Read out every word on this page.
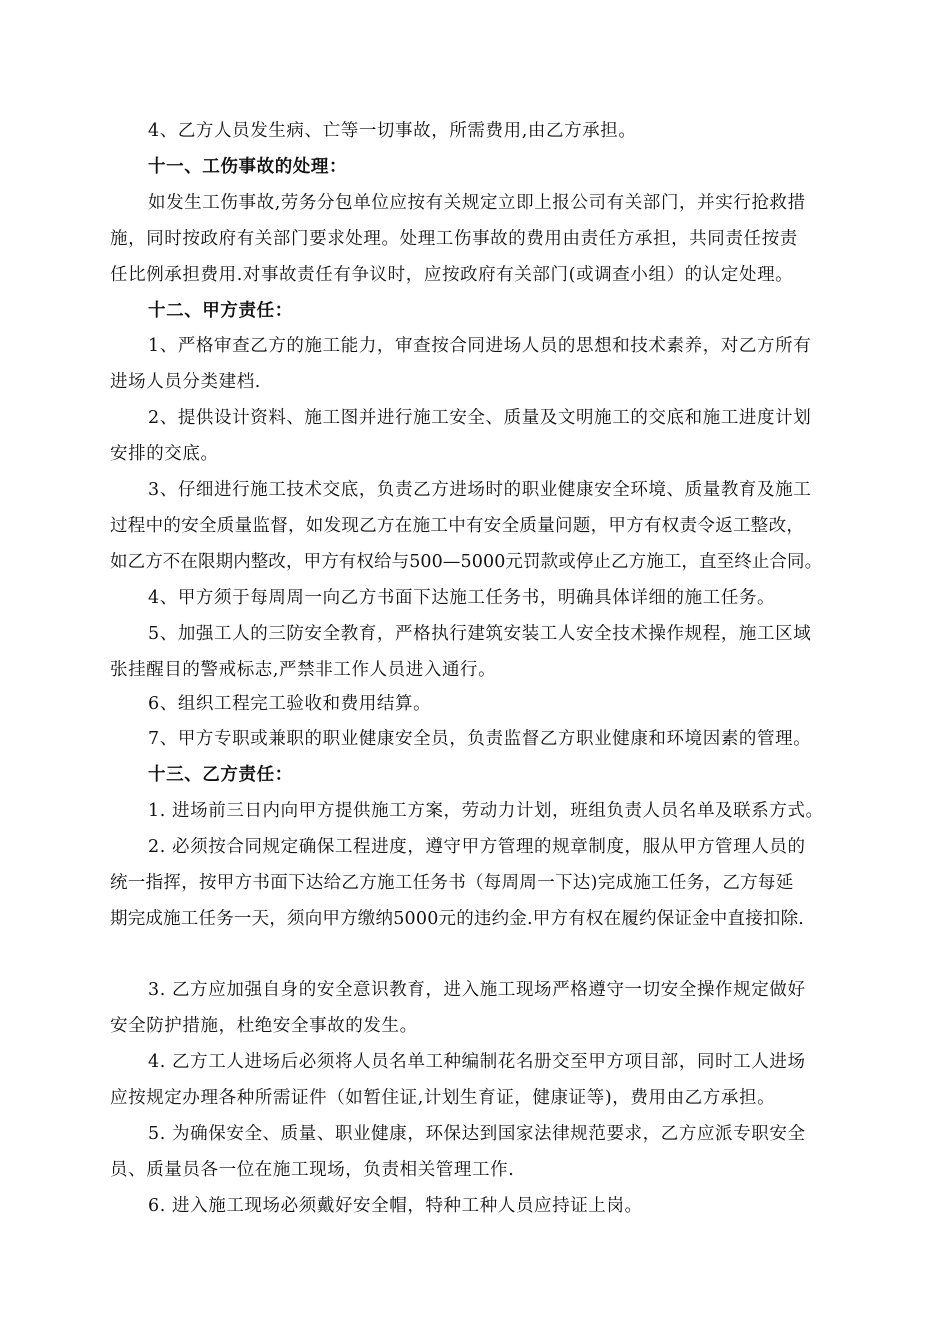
4、乙方人员发生病、亡等一切事故，所需费用,由乙方承担。
十一、工伤事故的处理：
如发生工伤事故,劳务分包单位应按有关规定立即上报公司有关部门，并实行抢救措
施，同时按政府有关部门要求处理。处理工伤事故的费用由责任方承担，共同责任按责
任比例承担费用.对事故责任有争议时，应按政府有关部门(或调查小组）的认定处理。
十二、甲方责任：
1、严格审查乙方的施工能力，审查按合同进场人员的思想和技术素养，对乙方所有
进场人员分类建档.
2、提供设计资料、施工图并进行施工安全、质量及文明施工的交底和施工进度计划
安排的交底。
3、仔细进行施工技术交底，负责乙方进场时的职业健康安全环境、质量教育及施工
过程中的安全质量监督，如发现乙方在施工中有安全质量问题，甲方有权责令返工整改，
如乙方不在限期内整改，甲方有权给与500—5000元罚款或停止乙方施工，直至终止合同。
4、甲方须于每周周一向乙方书面下达施工任务书，明确具体详细的施工任务。
5、加强工人的三防安全教育，严格执行建筑安装工人安全技术操作规程，施工区域
张挂醒目的警戒标志,严禁非工作人员进入通行。
6、组织工程完工验收和费用结算。
7、甲方专职或兼职的职业健康安全员，负责监督乙方职业健康和环境因素的管理。
十三、乙方责任：
1. 进场前三日内向甲方提供施工方案，劳动力计划，班组负责人员名单及联系方式。
2. 必须按合同规定确保工程进度，遵守甲方管理的规章制度，服从甲方管理人员的
统一指挥，按甲方书面下达给乙方施工任务书（每周周一下达)完成施工任务，乙方每延
期完成施工任务一天，须向甲方缴纳5000元的违约金.甲方有权在履约保证金中直接扣除.
3. 乙方应加强自身的安全意识教育，进入施工现场严格遵守一切安全操作规定做好
安全防护措施，杜绝安全事故的发生。
4. 乙方工人进场后必须将人员名单工种编制花名册交至甲方项目部，同时工人进场
应按规定办理各种所需证件（如暂住证,计划生育证，健康证等)，费用由乙方承担。
5. 为确保安全、质量、职业健康，环保达到国家法律规范要求，乙方应派专职安全
员、质量员各一位在施工现场，负责相关管理工作.
6. 进入施工现场必须戴好安全帽，特种工种人员应持证上岗。
